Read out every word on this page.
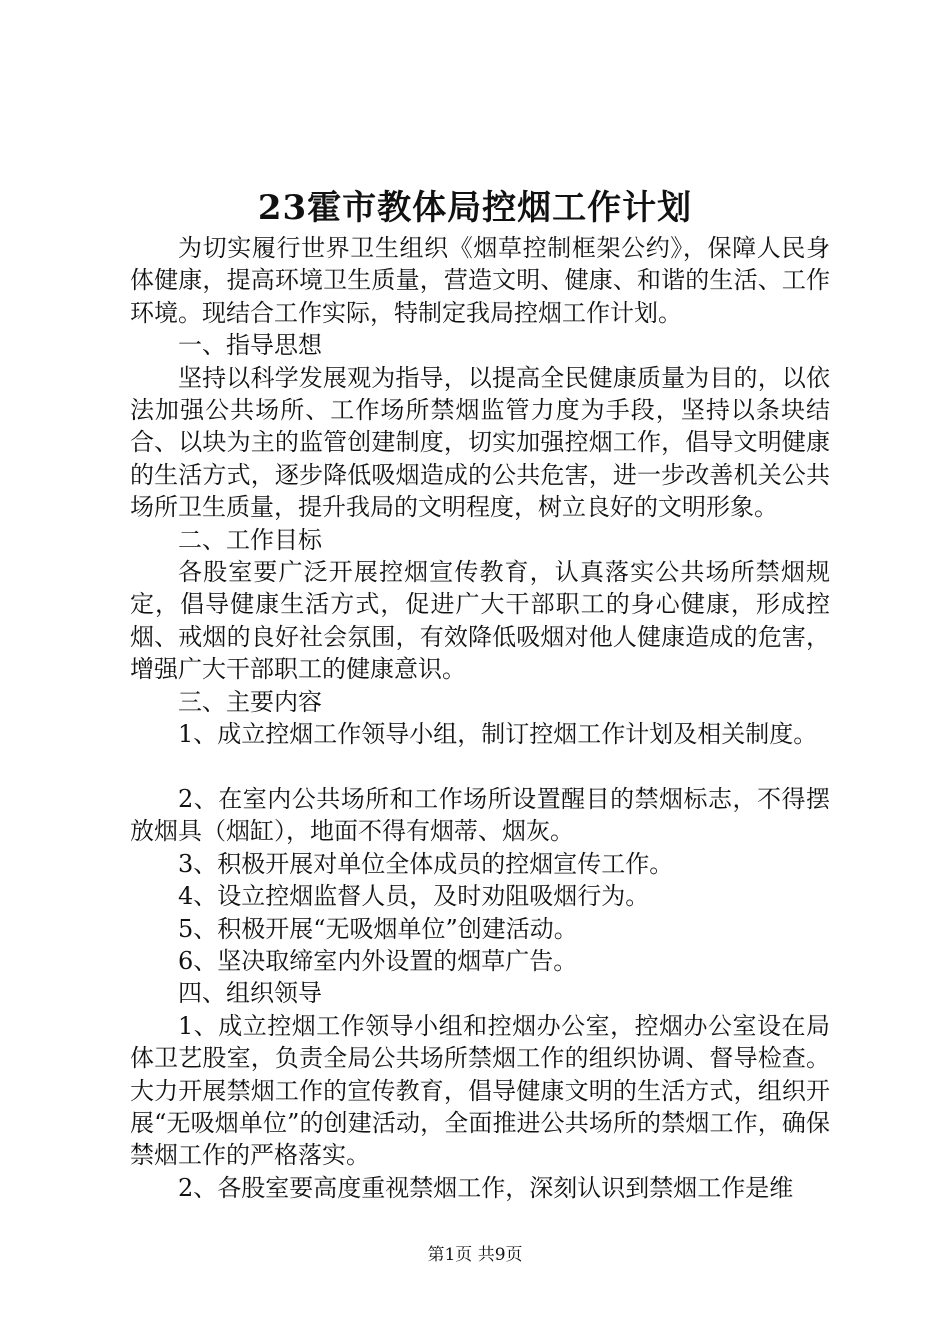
23霍市教体局控烟工作计划

为切实履行世界卫生组织《烟草控制框架公约》，保障人民身体健康，提高环境卫生质量，营造文明、健康、和谐的生活、工作环境。现结合工作实际，特制定我局控烟工作计划。

一、指导思想

坚持以科学发展观为指导，以提高全民健康质量为目的，以依法加强公共场所、工作场所禁烟监管力度为手段，坚持以条块结合、以块为主的监管创建制度，切实加强控烟工作，倡导文明健康的生活方式，逐步降低吸烟造成的公共危害，进一步改善机关公共场所卫生质量，提升我局的文明程度，树立良好的文明形象。

二、工作目标

各股室要广泛开展控烟宣传教育，认真落实公共场所禁烟规定，倡导健康生活方式，促进广大干部职工的身心健康，形成控烟、戒烟的良好社会氛围，有效降低吸烟对他人健康造成的危害，增强广大干部职工的健康意识。

三、主要内容

1、成立控烟工作领导小组，制订控烟工作计划及相关制度。

2、在室内公共场所和工作场所设置醒目的禁烟标志，不得摆放烟具（烟缸），地面不得有烟蒂、烟灰。

3、积极开展对单位全体成员的控烟宣传工作。

4、设立控烟监督人员，及时劝阻吸烟行为。

5、积极开展“无吸烟单位”创建活动。

6、坚决取缔室内外设置的烟草广告。

四、组织领导

1、成立控烟工作领导小组和控烟办公室，控烟办公室设在局体卫艺股室，负责全局公共场所禁烟工作的组织协调、督导检查。大力开展禁烟工作的宣传教育，倡导健康文明的生活方式，组织开展“无吸烟单位”的创建活动，全面推进公共场所的禁烟工作，确保禁烟工作的严格落实。

2、各股室要高度重视禁烟工作，深刻认识到禁烟工作是维

第1页 共9页
